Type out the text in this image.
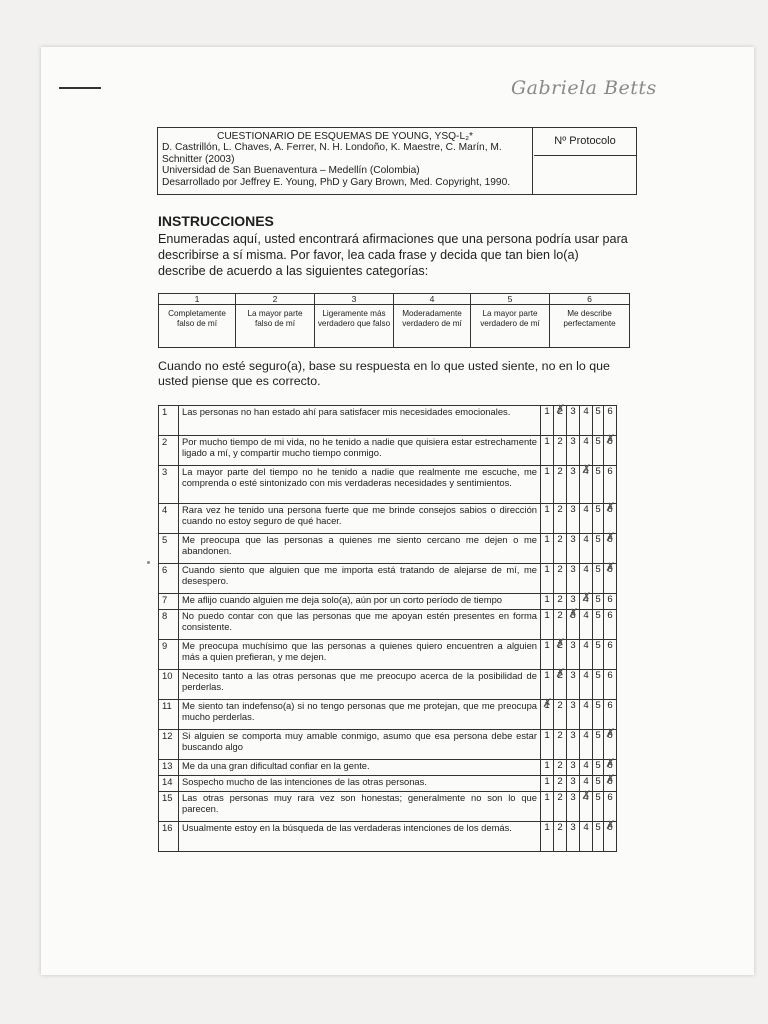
Gabriela Betts
CUESTIONARIO DE ESQUEMAS DE YOUNG, YSQ-L₂*
D. Castrillón, L. Chaves, A. Ferrer, N. H. Londoño, K. Maestre, C. Marín, M.
Schnitter (2003)
Universidad de San Buenaventura – Medellín (Colombia)
Desarrollado por Jeffrey E. Young, PhD y Gary Brown, Med. Copyright, 1990.
Nº Protocolo
INSTRUCCIONES
Enumeradas aquí, usted encontrará afirmaciones que una persona podría usar para describirse a sí misma. Por favor, lea cada frase y decida que tan bien lo(a) describe de acuerdo a las siguientes categorías:
1	2	3	4	5	6
Completamente falso de mí	La mayor parte falso de mí	Ligeramente más verdadero que falso	Moderadamente verdadero de mí	La mayor parte verdadero de mí	Me describe perfectamente
Cuando no esté seguro(a), base su respuesta en lo que usted siente, no en lo que usted piense que es correcto.
1	Las personas no han estado ahí para satisfacer mis necesidades emocionales.	1	2 ✗	3	4	5	6
2	Por mucho tiempo de mi vida, no he tenido a nadie que quisiera estar estrechamente ligado a mí, y compartir mucho tiempo conmigo.	1	2	3	4	5	6 ✗
3	La mayor parte del tiempo no he tenido a nadie que realmente me escuche, me comprenda o esté sintonizado con mis verdaderas necesidades y sentimientos.	1	2	3	4 ✗	5	6
4	Rara vez he tenido una persona fuerte que me brinde consejos sabios o dirección cuando no estoy seguro de qué hacer.	1	2	3	4	5	6 ✗
5	Me preocupa que las personas a quienes me siento cercano me dejen o me abandonen.	1	2	3	4	5	6 ✗
6	Cuando siento que alguien que me importa está tratando de alejarse de mí, me desespero.	1	2	3	4	5	6 ✗
7	Me aflijo cuando alguien me deja solo(a), aún por un corto período de tiempo	1	2	3	4 ✗	5	6
8	No puedo contar con que las personas que me apoyan estén presentes en forma consistente.	1	2	3 ✗	4	5	6
9	Me preocupa muchísimo que las personas a quienes quiero encuentren a alguien más a quien prefieran, y me dejen.	1	2 ✗	3	4	5	6
10	Necesito tanto a las otras personas que me preocupo acerca de la posibilidad de perderlas.	1	2 ✗	3	4	5	6
11	Me siento tan indefenso(a) si no tengo personas que me protejan, que me preocupa mucho perderlas.	1 ✗	2	3	4	5	6
12	Si alguien se comporta muy amable conmigo, asumo que esa persona debe estar buscando algo	1	2	3	4	5	6 ✗
13	Me da una gran dificultad confiar en la gente.	1	2	3	4	5	6 ✗
14	Sospecho mucho de las intenciones de las otras personas.	1	2	3	4	5	6 ✗
15	Las otras personas muy rara vez son honestas; generalmente no son lo que parecen.	1	2	3	4 ✗	5	6
16	Usualmente estoy en la búsqueda de las verdaderas intenciones de los demás.	1	2	3	4	5	6 ✗
